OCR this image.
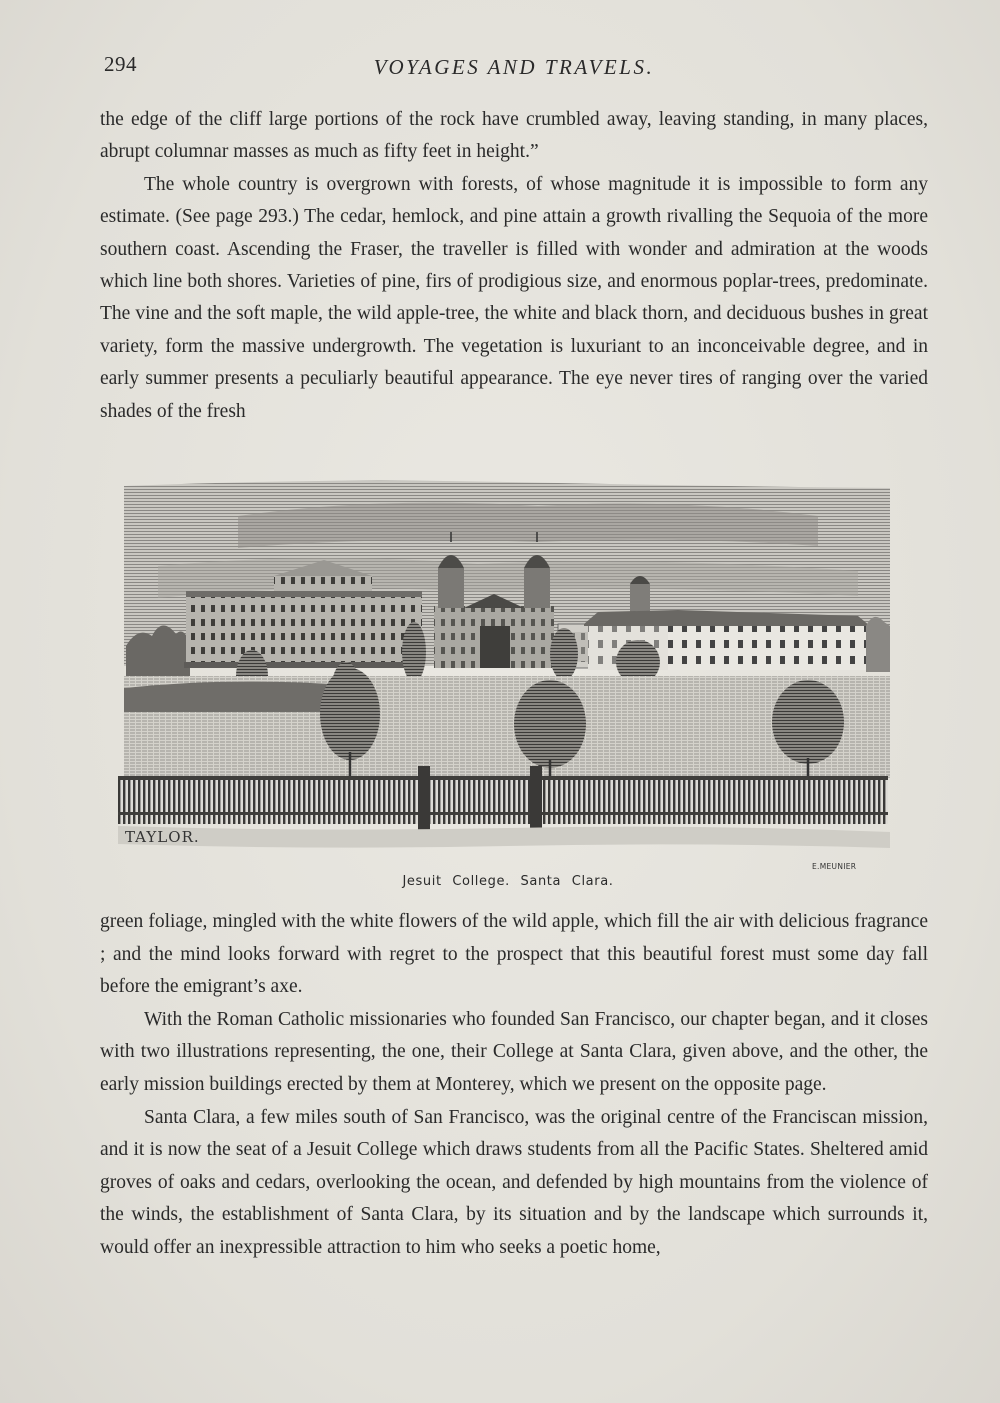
294	VOYAGES AND TRAVELS.

the edge of the cliff large portions of the rock have crumbled away, leaving standing, in many places, abrupt columnar masses as much as fifty feet in height.”

The whole country is overgrown with forests, of whose magnitude it is impossible to form any estimate. (See page 293.) The cedar, hemlock, and pine attain a growth rivalling the Sequoia of the more southern coast. Ascending the Fraser, the traveller is filled with wonder and admiration at the woods which line both shores. Varieties of pine, firs of prodigious size, and enormous poplar-trees, predominate. The vine and the soft maple, the wild apple-tree, the white and black thorn, and deciduous bushes in great variety, form the massive undergrowth. The vegetation is luxuriant to an inconceivable degree, and in early summer presents a peculiarly beautiful appearance. The eye never tires of ranging over the varied shades of the fresh

TAYLOR.
E.MEUNIER
Jesuit College. Santa Clara.

green foliage, mingled with the white flowers of the wild apple, which fill the air with delicious fragrance ; and the mind looks forward with regret to the prospect that this beautiful forest must some day fall before the emigrant’s axe.

With the Roman Catholic missionaries who founded San Francisco, our chapter began, and it closes with two illustrations representing, the one, their College at Santa Clara, given above, and the other, the early mission buildings erected by them at Monterey, which we present on the opposite page.

Santa Clara, a few miles south of San Francisco, was the original centre of the Franciscan mission, and it is now the seat of a Jesuit College which draws students from all the Pacific States. Sheltered amid groves of oaks and cedars, overlooking the ocean, and defended by high mountains from the violence of the winds, the establishment of Santa Clara, by its situation and by the landscape which surrounds it, would offer an inexpressible attraction to him who seeks a poetic home,
